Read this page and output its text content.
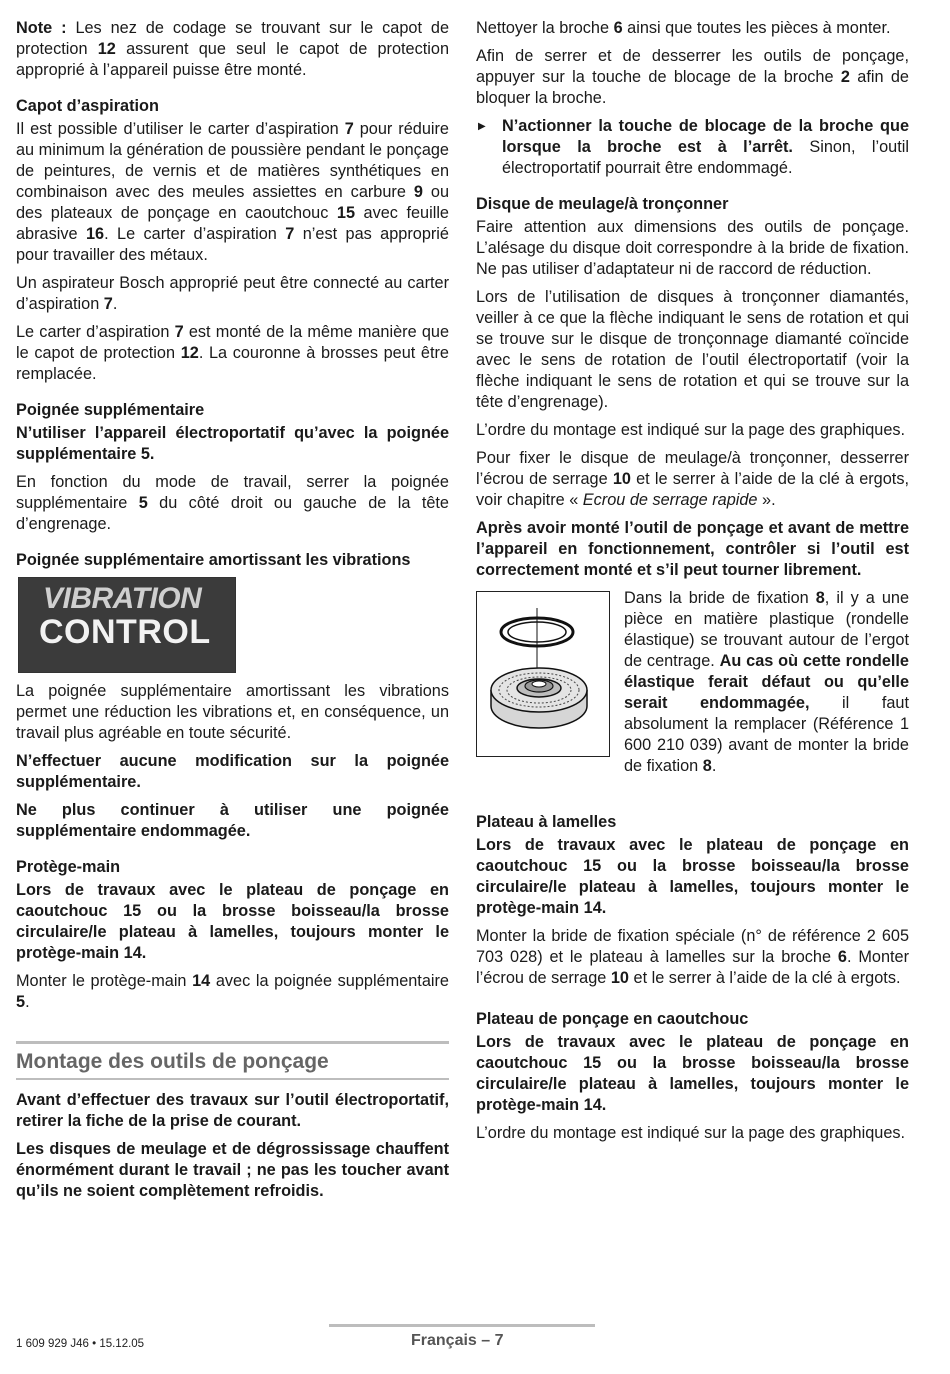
Note : Les nez de codage se trouvant sur le capot de protection 12 assurent que seul le capot de protection approprié à l’appareil puisse être monté.

Capot d’aspiration

Il est possible d’utiliser le carter d’aspiration 7 pour réduire au minimum la génération de poussière pendant le ponçage de peintures, de vernis et de matières synthétiques en combinaison avec des meules assiettes en carbure 9 ou des plateaux de ponçage en caoutchouc 15 avec feuille abrasive 16. Le carter d’aspiration 7 n’est pas approprié pour travailler des métaux.

Un aspirateur Bosch approprié peut être connecté au carter d’aspiration 7.

Le carter d’aspiration 7 est monté de la même manière que le capot de protection 12. La couronne à brosses peut être remplacée.

Poignée supplémentaire

N’utiliser l’appareil électroportatif qu’avec la poignée supplémentaire 5.

En fonction du mode de travail, serrer la poignée supplémentaire 5 du côté droit ou gauche de la tête d’engrenage.

Poignée supplémentaire amortissant les vibrations

VIBRATION
CONTROL

La poignée supplémentaire amortissant les vibrations permet une réduction les vibrations et, en conséquence, un travail plus agréable en toute sécurité.

N’effectuer aucune modification sur la poignée supplémentaire.

Ne plus continuer à utiliser une poignée supplémentaire endommagée.

Protège-main

Lors de travaux avec le plateau de ponçage en caoutchouc 15 ou la brosse boisseau/la brosse circulaire/le plateau à lamelles, toujours monter le protège-main 14.

Monter le protège-main 14 avec la poignée supplémentaire 5.

Montage des outils de ponçage

Avant d’effectuer des travaux sur l’outil électroportatif, retirer la fiche de la prise de courant.

Les disques de meulage et de dégrossissage chauffent énormément durant le travail ; ne pas les toucher avant qu’ils ne soient complètement refroidis.

Nettoyer la broche 6 ainsi que toutes les pièces à monter.

Afin de serrer et de desserrer les outils de ponçage, appuyer sur la touche de blocage de la broche 2 afin de bloquer la broche.

▶ N’actionner la touche de blocage de la broche que lorsque la broche est à l’arrêt. Sinon, l’outil électroportatif pourrait être endommagé.

Disque de meulage/à tronçonner

Faire attention aux dimensions des outils de ponçage. L’alésage du disque doit correspondre à la bride de fixation. Ne pas utiliser d’adaptateur ni de raccord de réduction.

Lors de l’utilisation de disques à tronçonner diamantés, veiller à ce que la flèche indiquant le sens de rotation et qui se trouve sur le disque de tronçonnage diamanté coïncide avec le sens de rotation de l’outil électroportatif (voir la flèche indiquant le sens de rotation et qui se trouve sur la tête d’engrenage).

L’ordre du montage est indiqué sur la page des graphiques.

Pour fixer le disque de meulage/à tronçonner, desserrer l’écrou de serrage 10 et le serrer à l’aide de la clé à ergots, voir chapitre « Ecrou de serrage rapide ».

Après avoir monté l’outil de ponçage et avant de mettre l’appareil en fonctionnement, contrôler si l’outil est correctement monté et s’il peut tourner librement.

Dans la bride de fixation 8, il y a une pièce en matière plastique (rondelle élastique) se trouvant autour de l’ergot de centrage. Au cas où cette rondelle élastique ferait défaut ou qu’elle serait endommagée, il faut absolument la remplacer (Référence 1 600 210 039) avant de monter la bride de fixation 8.

Plateau à lamelles

Lors de travaux avec le plateau de ponçage en caoutchouc 15 ou la brosse boisseau/la brosse circulaire/le plateau à lamelles, toujours monter le protège-main 14.

Monter la bride de fixation spéciale (n° de référence 2 605 703 028) et le plateau à lamelles sur la broche 6. Monter l’écrou de serrage 10 et le serrer à l’aide de la clé à ergots.

Plateau de ponçage en caoutchouc

Lors de travaux avec le plateau de ponçage en caoutchouc 15 ou la brosse boisseau/la brosse circulaire/le plateau à lamelles, toujours monter le protège-main 14.

L’ordre du montage est indiqué sur la page des graphiques.

1 609 929 J46 • 15.12.05	Français – 7
